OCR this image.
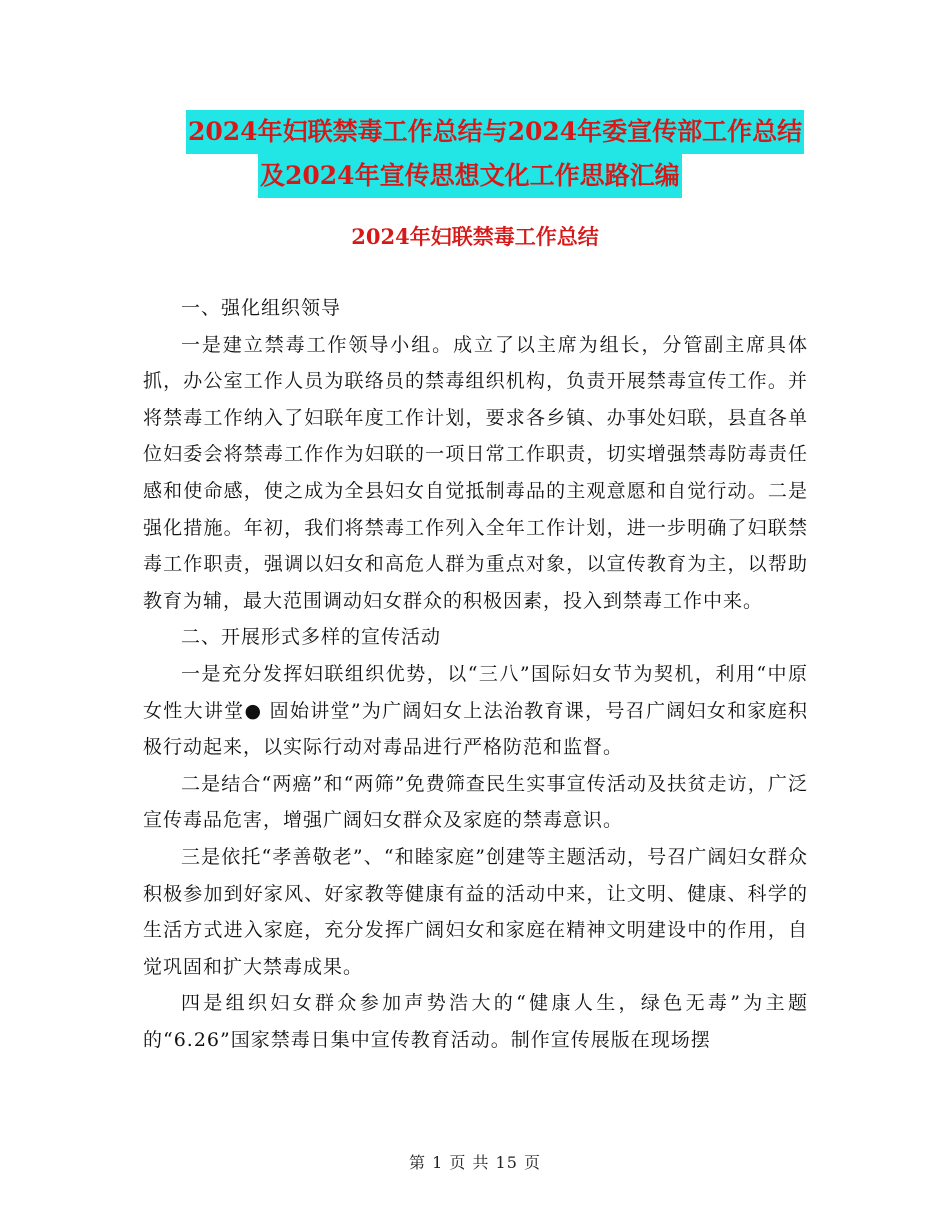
2024年妇联禁毒工作总结与2024年委宣传部工作总结
及2024年宣传思想文化工作思路汇编
2024年妇联禁毒工作总结

一、强化组织领导

一是建立禁毒工作领导小组。成立了以主席为组长，分管副主席具体抓，办公室工作人员为联络员的禁毒组织机构，负责开展禁毒宣传工作。并将禁毒工作纳入了妇联年度工作计划，要求各乡镇、办事处妇联，县直各单位妇委会将禁毒工作作为妇联的一项日常工作职责，切实增强禁毒防毒责任感和使命感，使之成为全县妇女自觉抵制毒品的主观意愿和自觉行动。二是强化措施。年初，我们将禁毒工作列入全年工作计划，进一步明确了妇联禁毒工作职责，强调以妇女和高危人群为重点对象，以宣传教育为主，以帮助教育为辅，最大范围调动妇女群众的积极因素，投入到禁毒工作中来。

二、开展形式多样的宣传活动

一是充分发挥妇联组织优势，以“三八”国际妇女节为契机，利用“中原女性大讲堂● 固始讲堂”为广阔妇女上法治教育课，号召广阔妇女和家庭积极行动起来，以实际行动对毒品进行严格防范和监督。

二是结合“两癌”和“两筛”免费筛查民生实事宣传活动及扶贫走访，广泛宣传毒品危害，增强广阔妇女群众及家庭的禁毒意识。

三是依托“孝善敬老”、“和睦家庭”创建等主题活动，号召广阔妇女群众积极参加到好家风、好家教等健康有益的活动中来，让文明、健康、科学的生活方式进入家庭，充分发挥广阔妇女和家庭在精神文明建设中的作用，自觉巩固和扩大禁毒成果。

四是组织妇女群众参加声势浩大的“健康人生，绿色无毒”为主题的“6.26”国家禁毒日集中宣传教育活动。制作宣传展版在现场摆

第 1 页 共 15 页
